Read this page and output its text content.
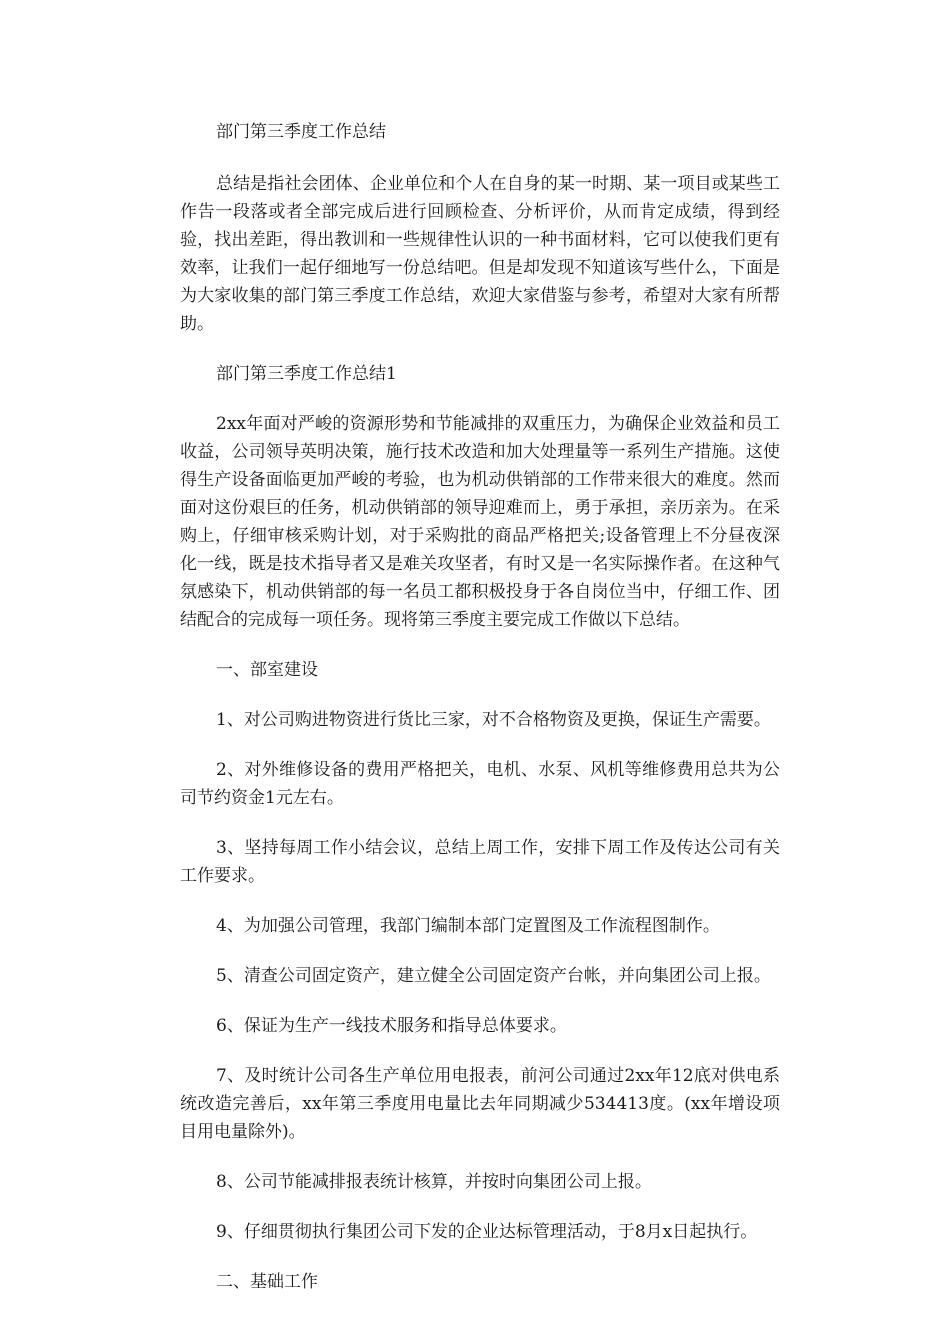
部门第三季度工作总结

总结是指社会团体、企业单位和个人在自身的某一时期、某一项目或某些工作告一段落或者全部完成后进行回顾检查、分析评价，从而肯定成绩，得到经验，找出差距，得出教训和一些规律性认识的一种书面材料，它可以使我们更有效率，让我们一起仔细地写一份总结吧。但是却发现不知道该写些什么，下面是为大家收集的部门第三季度工作总结，欢迎大家借鉴与参考，希望对大家有所帮助。

部门第三季度工作总结1

2xx年面对严峻的资源形势和节能减排的双重压力，为确保企业效益和员工收益，公司领导英明决策，施行技术改造和加大处理量等一系列生产措施。这使得生产设备面临更加严峻的考验，也为机动供销部的工作带来很大的难度。然而面对这份艰巨的任务，机动供销部的领导迎难而上，勇于承担，亲历亲为。在采购上，仔细审核采购计划，对于采购批的商品严格把关;设备管理上不分昼夜深化一线，既是技术指导者又是难关攻坚者，有时又是一名实际操作者。在这种气氛感染下，机动供销部的每一名员工都积极投身于各自岗位当中，仔细工作、团结配合的完成每一项任务。现将第三季度主要完成工作做以下总结。

一、部室建设

1、对公司购进物资进行货比三家，对不合格物资及更换，保证生产需要。

2、对外维修设备的费用严格把关，电机、水泵、风机等维修费用总共为公司节约资金1元左右。

3、坚持每周工作小结会议，总结上周工作，安排下周工作及传达公司有关工作要求。

4、为加强公司管理，我部门编制本部门定置图及工作流程图制作。

5、清查公司固定资产，建立健全公司固定资产台帐，并向集团公司上报。

6、保证为生产一线技术服务和指导总体要求。

7、及时统计公司各生产单位用电报表，前河公司通过2xx年12底对供电系统改造完善后，xx年第三季度用电量比去年同期减少534413度。(xx年增设项目用电量除外)。

8、公司节能减排报表统计核算，并按时向集团公司上报。

9、仔细贯彻执行集团公司下发的企业达标管理活动，于8月x日起执行。

二、基础工作
